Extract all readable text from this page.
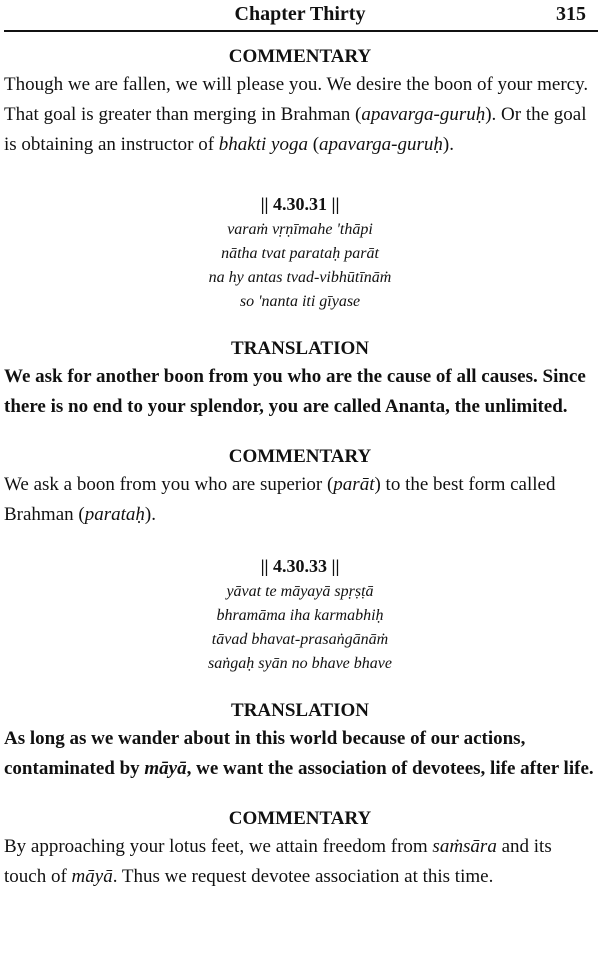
Chapter Thirty	315
COMMENTARY

Though we are fallen, we will please you. We desire the boon of your mercy. That goal is greater than merging in Brahman (apavarga-guruḥ). Or the goal is obtaining an instructor of bhakti yoga (apavarga-guruḥ).

|| 4.30.31 ||
varaṁ vṛṇīmahe 'thāpi
nātha tvat parataḥ parāt
na hy antas tvad-vibhūtīnāṁ
so 'nanta iti gīyase
TRANSLATION

We ask for another boon from you who are the cause of all causes. Since there is no end to your splendor, you are called Ananta, the unlimited.

COMMENTARY

We ask a boon from you who are superior (parāt) to the best form called Brahman (parataḥ).

|| 4.30.33 ||
yāvat te māyayā spṛṣṭā
bhramāma iha karmabhiḥ
tāvad bhavat-prasaṅgānāṁ
saṅgaḥ syān no bhave bhave
TRANSLATION

As long as we wander about in this world because of our actions, contaminated by māyā, we want the association of devotees, life after life.

COMMENTARY

By approaching your lotus feet, we attain freedom from saṁsāra and its touch of māyā. Thus we request devotee association at this time.
